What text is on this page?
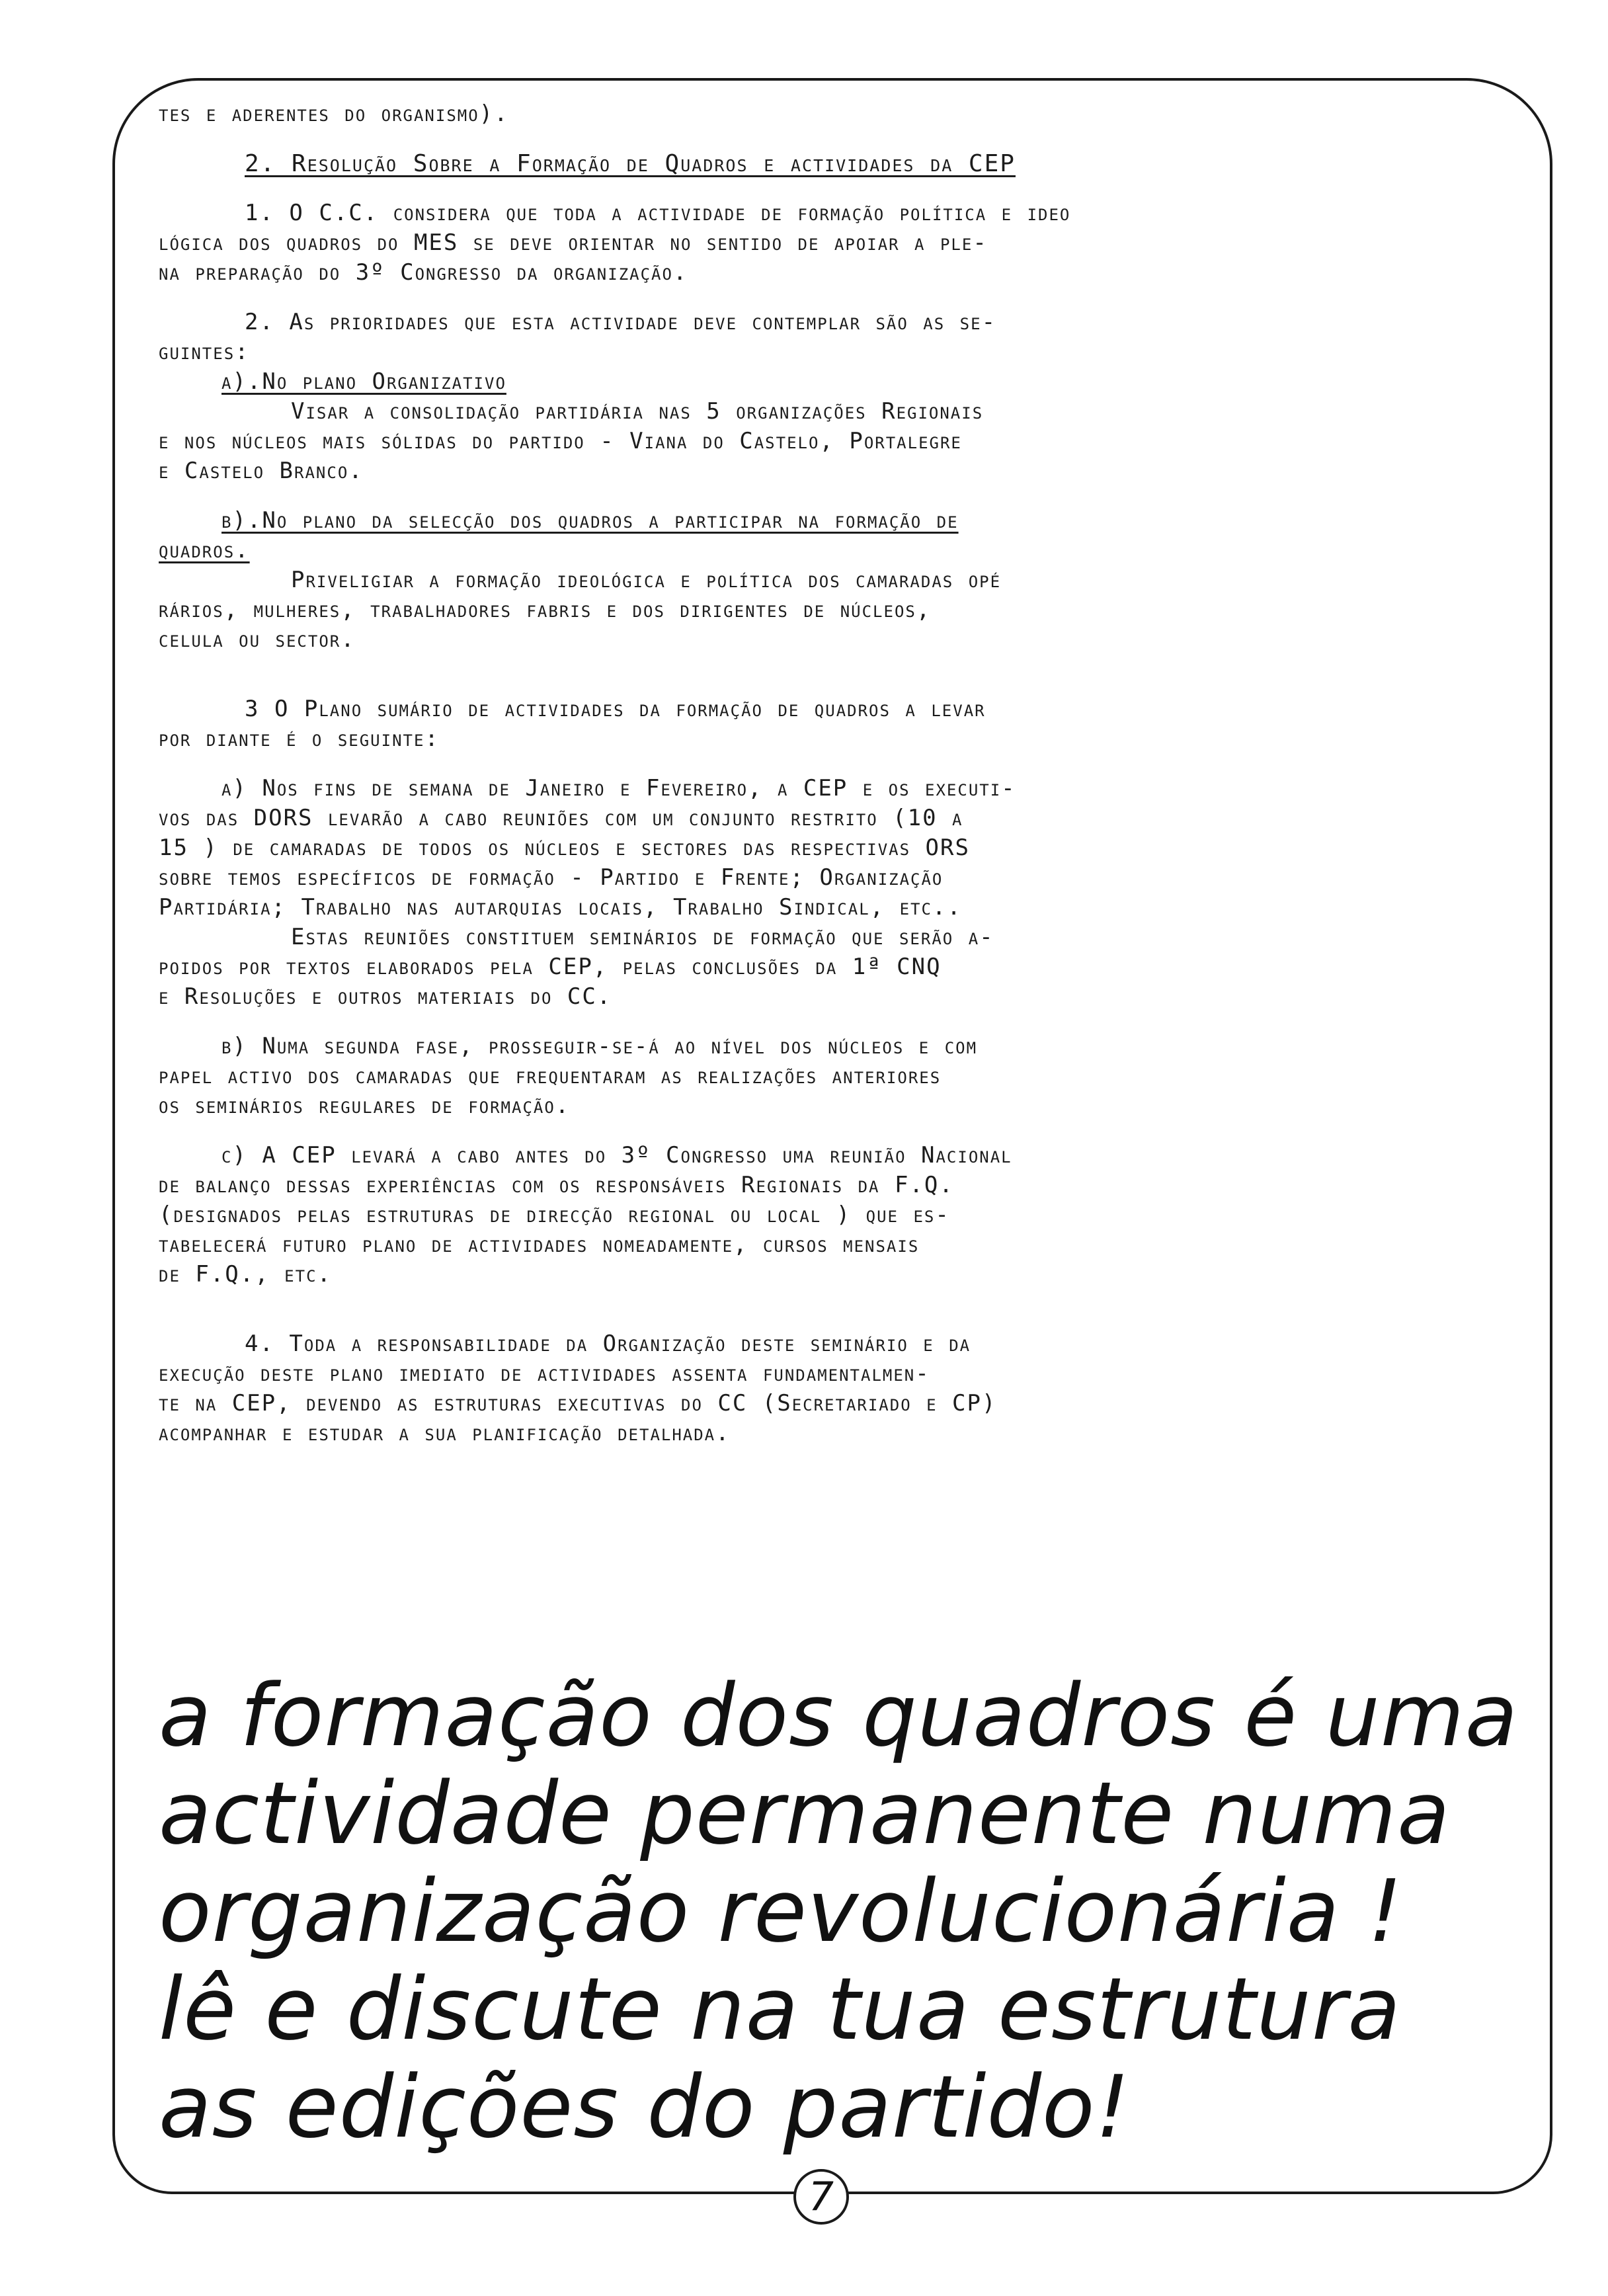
tes e aderentes do organismo).

2. Resolução Sobre a Formação de Quadros e actividades da CEP

1. O C.C. considera que toda a actividade de formação política e ideo

lógica dos quadros do MES se deve orientar no sentido de apoiar a ple-

na preparação do 3º Congresso da organização.

2. As prioridades que esta actividade deve contemplar são as se-

guintes:

a).No plano Organizativo

Visar a consolidação partidária nas 5 organizações Regionais

e nos núcleos mais sólidas do partido - Viana do Castelo, Portalegre

e Castelo Branco.

b).No plano da selecção dos quadros a participar na formação de

quadros.

Priveligiar a formação ideológica e política dos camaradas opé

rários, mulheres, trabalhadores fabris e dos dirigentes de núcleos,

celula ou sector.

3 O Plano sumário de actividades da formação de quadros a levar

por diante é o seguinte:

a) Nos fins de semana de Janeiro e Fevereiro, a CEP e os executi-

vos das DORS levarão a cabo reuniões com um conjunto restrito (10 a

15 ) de camaradas de todos os núcleos e sectores das respectivas ORS

sobre temos específicos de formação - Partido e Frente; Organização

Partidária; Trabalho nas autarquias locais, Trabalho Sindical, etc..

Estas reuniões constituem seminários de formação que serão a-

poidos por textos elaborados pela CEP, pelas conclusões da 1ª CNQ

e Resoluções e outros materiais do CC.

b) Numa segunda fase, prosseguir-se-á ao nível dos núcleos e com

papel activo dos camaradas que frequentaram as realizações anteriores

os seminários regulares de formação.

c) A CEP levará a cabo antes do 3º Congresso uma reunião Nacional

de balanço dessas experiências com os responsáveis Regionais da F.Q.

(designados pelas estruturas de direcção regional ou local ) que es-

tabelecerá futuro plano de actividades nomeadamente, cursos mensais

de F.Q., etc.

4. Toda a responsabilidade da Organização deste seminário e da

execução deste plano imediato de actividades assenta fundamentalmen-

te na CEP, devendo as estruturas executivas do CC (Secretariado e CP)

acompanhar e estudar a sua planificação detalhada.

a formação dos quadros é uma
actividade permanente numa
organização revolucionária !
lê e discute na tua estrutura
as edições do partido!
7
